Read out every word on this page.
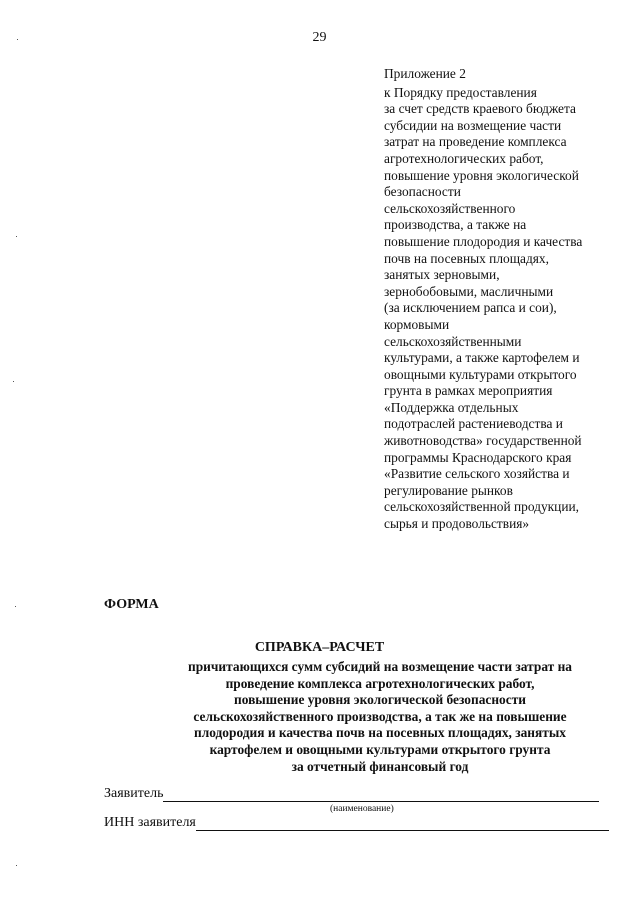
29
Приложение 2
к Порядку предоставления
за счет средств краевого бюджета
субсидии на возмещение части
затрат на проведение комплекса
агротехнологических работ,
повышение уровня экологической
безопасности
сельскохозяйственного
производства, а также на
повышение плодородия и качества
почв на посевных площадях,
занятых зерновыми,
зернобобовыми, масличными
(за исключением рапса и сои),
кормовыми
сельскохозяйственными
культурами, а также картофелем и
овощными культурами открытого
грунта в рамках мероприятия
«Поддержка отдельных
подотраслей растениеводства и
животноводства» государственной
программы Краснодарского края
«Развитие сельского хозяйства и
регулирование рынков
сельскохозяйственной продукции,
сырья и продовольствия»
ФОРМА
СПРАВКА–РАСЧЕТ
причитающихся сумм субсидий на возмещение части затрат на
проведение комплекса агротехнологических работ,
повышение уровня экологической безопасности
сельскохозяйственного производства, а так же на повышение
плодородия и качества почв на посевных площадях, занятых
картофелем и овощными культурами открытого грунта
за отчетный финансовый год
Заявитель
(наименование)
ИНН заявителя
